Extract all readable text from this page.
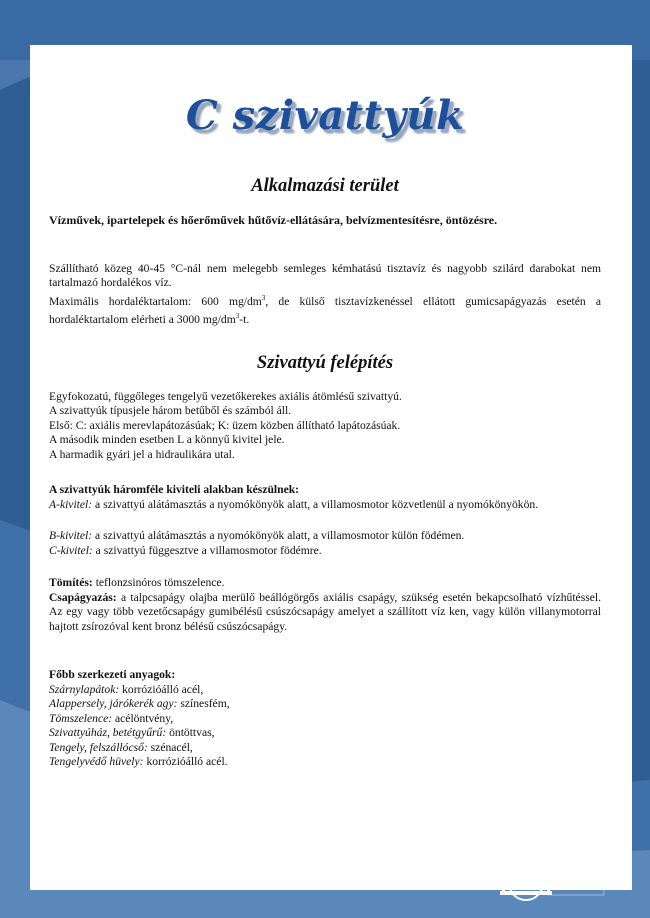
C szivattyúk
Alkalmazási terület
Vízművek, ipartelepek és hőerőművek hűtővíz-ellátására, belvízmentesítésre, öntözésre.
Szállítható közeg 40-45 °C-nál nem melegebb semleges kémhatású tisztavíz és nagyobb szilárd darabokat nem tartalmazó hordalékos víz.
Maximális hordaléktartalom: 600 $mg/dm^3$, de külső tisztavízkenéssel ellátott gumicsapágyazás esetén a hordaléktartalom elérheti a 3000 $mg/dm^3-t$.
Szivattyú felépítés
Egyfokozatú, függőleges tengelyű vezetőkerekes axiális átömlésű szivattyú.
A szivattyúk típusjele három betűből és számból áll.
Első: C: axiális merevlapátozásúak; K: üzem közben állítható lapátozásúak.
A második minden esetben L a könnyű kivitel jele.
A harmadik gyári jel a hidraulikára utal.
A szivattyúk háromféle kiviteli alakban készülnek:
A-kivitel: a szivattyú alátámasztás a nyomókönyök alatt, a villamosmotor közvetlenül a nyomókönyökön.
B-kivitel: a szivattyú alátámasztás a nyomókönyök alatt, a villamosmotor külön födémen.
C-kivitel: a szivattyú függesztve a villamosmotor födémre.
Tömítés: teflonzsinóros tömszelence.
Csapágyazás: a talpcsapágy olajba merülő beállógörgős axiális csapágy, szükség esetén bekapcsolható vízhűtéssel. Az egy vagy több vezetőcsapágy gumibélésű csúszócsapágy amelyet a szállított víz ken, vagy külön villanymotorral hajtott zsírozóval kent bronz bélésű csúszócsapágy.
Főbb szerkezeti anyagok:
Szárnylapátok: korrózióálló acél,
Alappersely, járókerék agy: színesfém,
Tömszelence: acélöntvény,
Szivattyúház, betétgyűrű: öntöttvas,
Tengely, felszállócső: szénacél,
Tengelyvédő hüvely: korrózióálló acél.
36
GANZ-VÍZGÉP
&
Armatúra
Kft.
